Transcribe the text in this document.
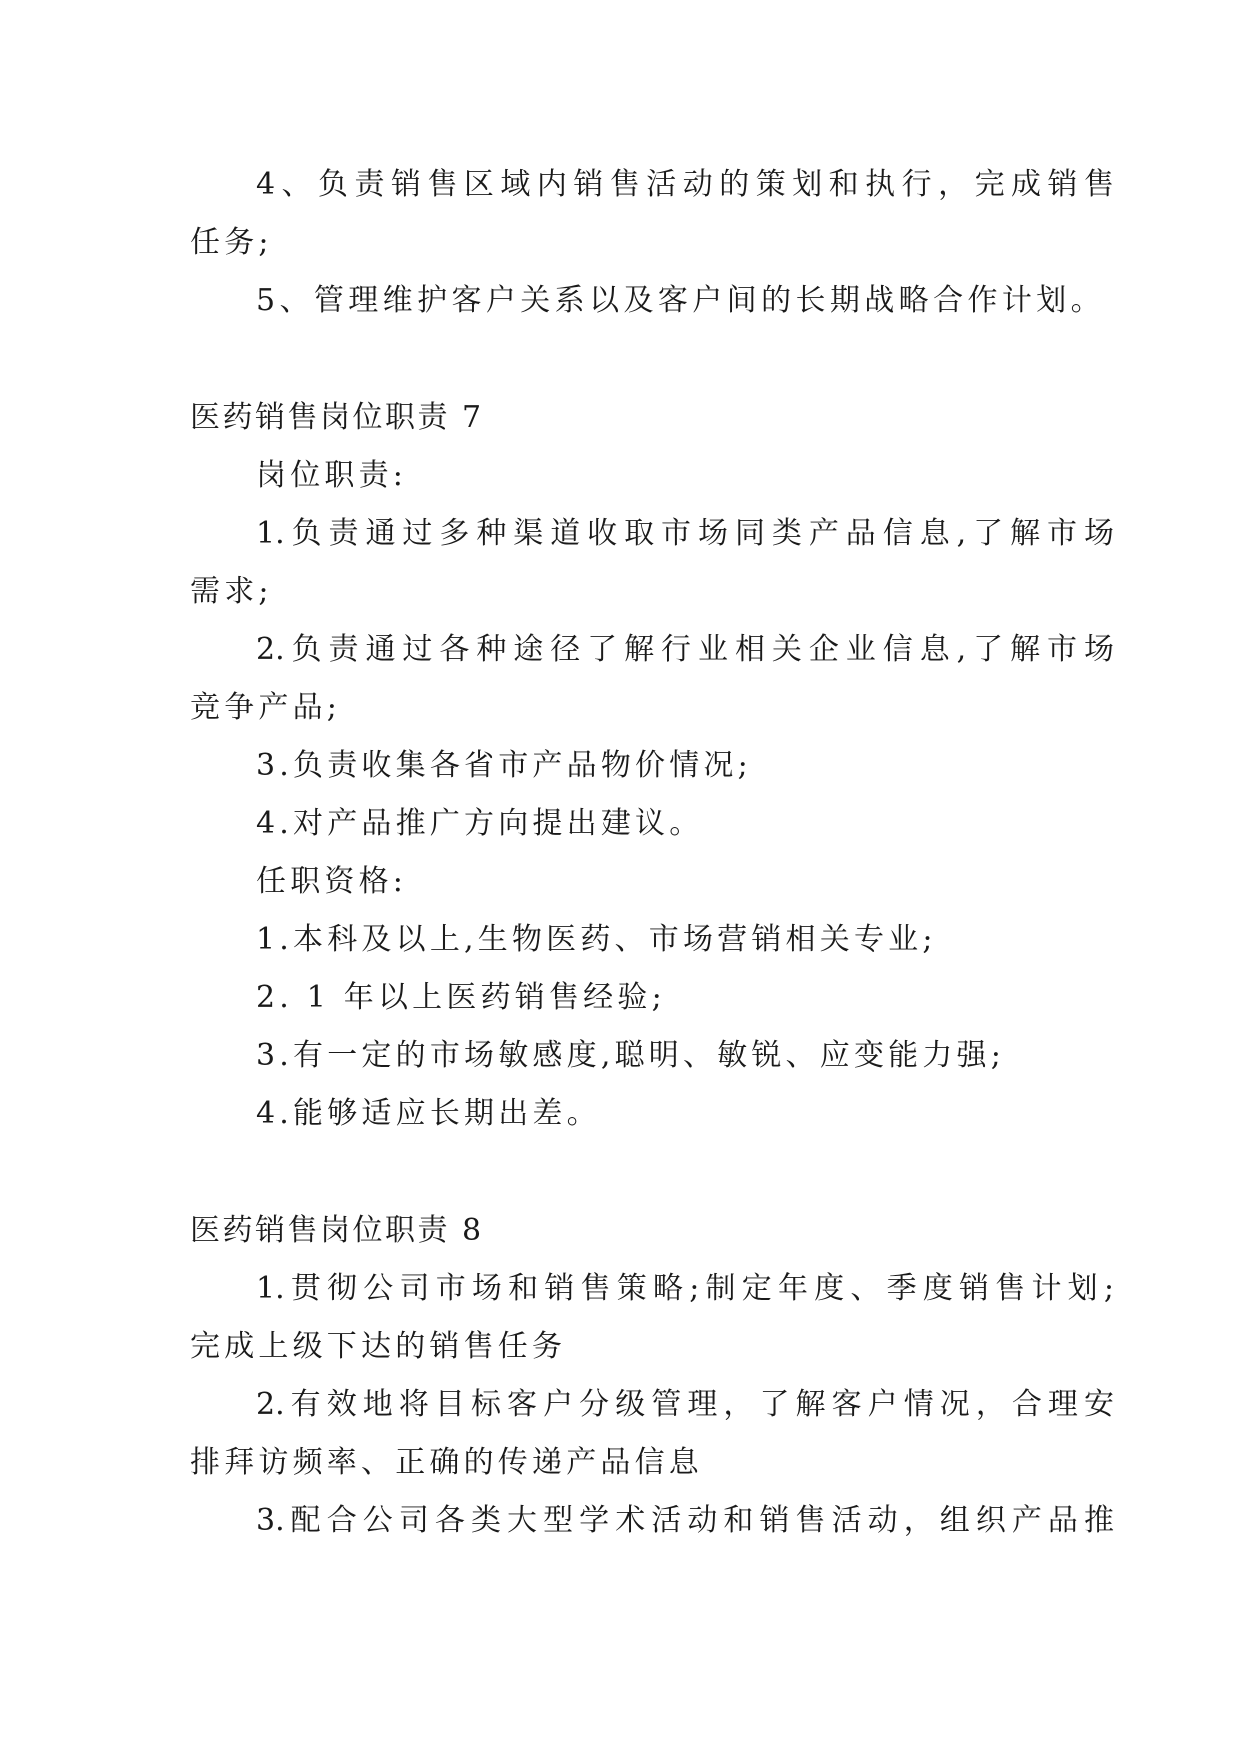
4、负责销售区域内销售活动的策划和执行，完成销售
任务;
5、管理维护客户关系以及客户间的长期战略合作计划。
医药销售岗位职责 7
岗位职责:
1.负责通过多种渠道收取市场同类产品信息,了解市场
需求;
2.负责通过各种途径了解行业相关企业信息,了解市场
竞争产品;
3.负责收集各省市产品物价情况;
4.对产品推广方向提出建议。
任职资格:
1.本科及以上,生物医药、市场营销相关专业;
2. 1 年以上医药销售经验;
3.有一定的市场敏感度,聪明、敏锐、应变能力强;
4.能够适应长期出差。
医药销售岗位职责 8
1.贯彻公司市场和销售策略;制定年度、季度销售计划;
完成上级下达的销售任务
2.有效地将目标客户分级管理，了解客户情况，合理安
排拜访频率、正确的传递产品信息
3.配合公司各类大型学术活动和销售活动，组织产品推
